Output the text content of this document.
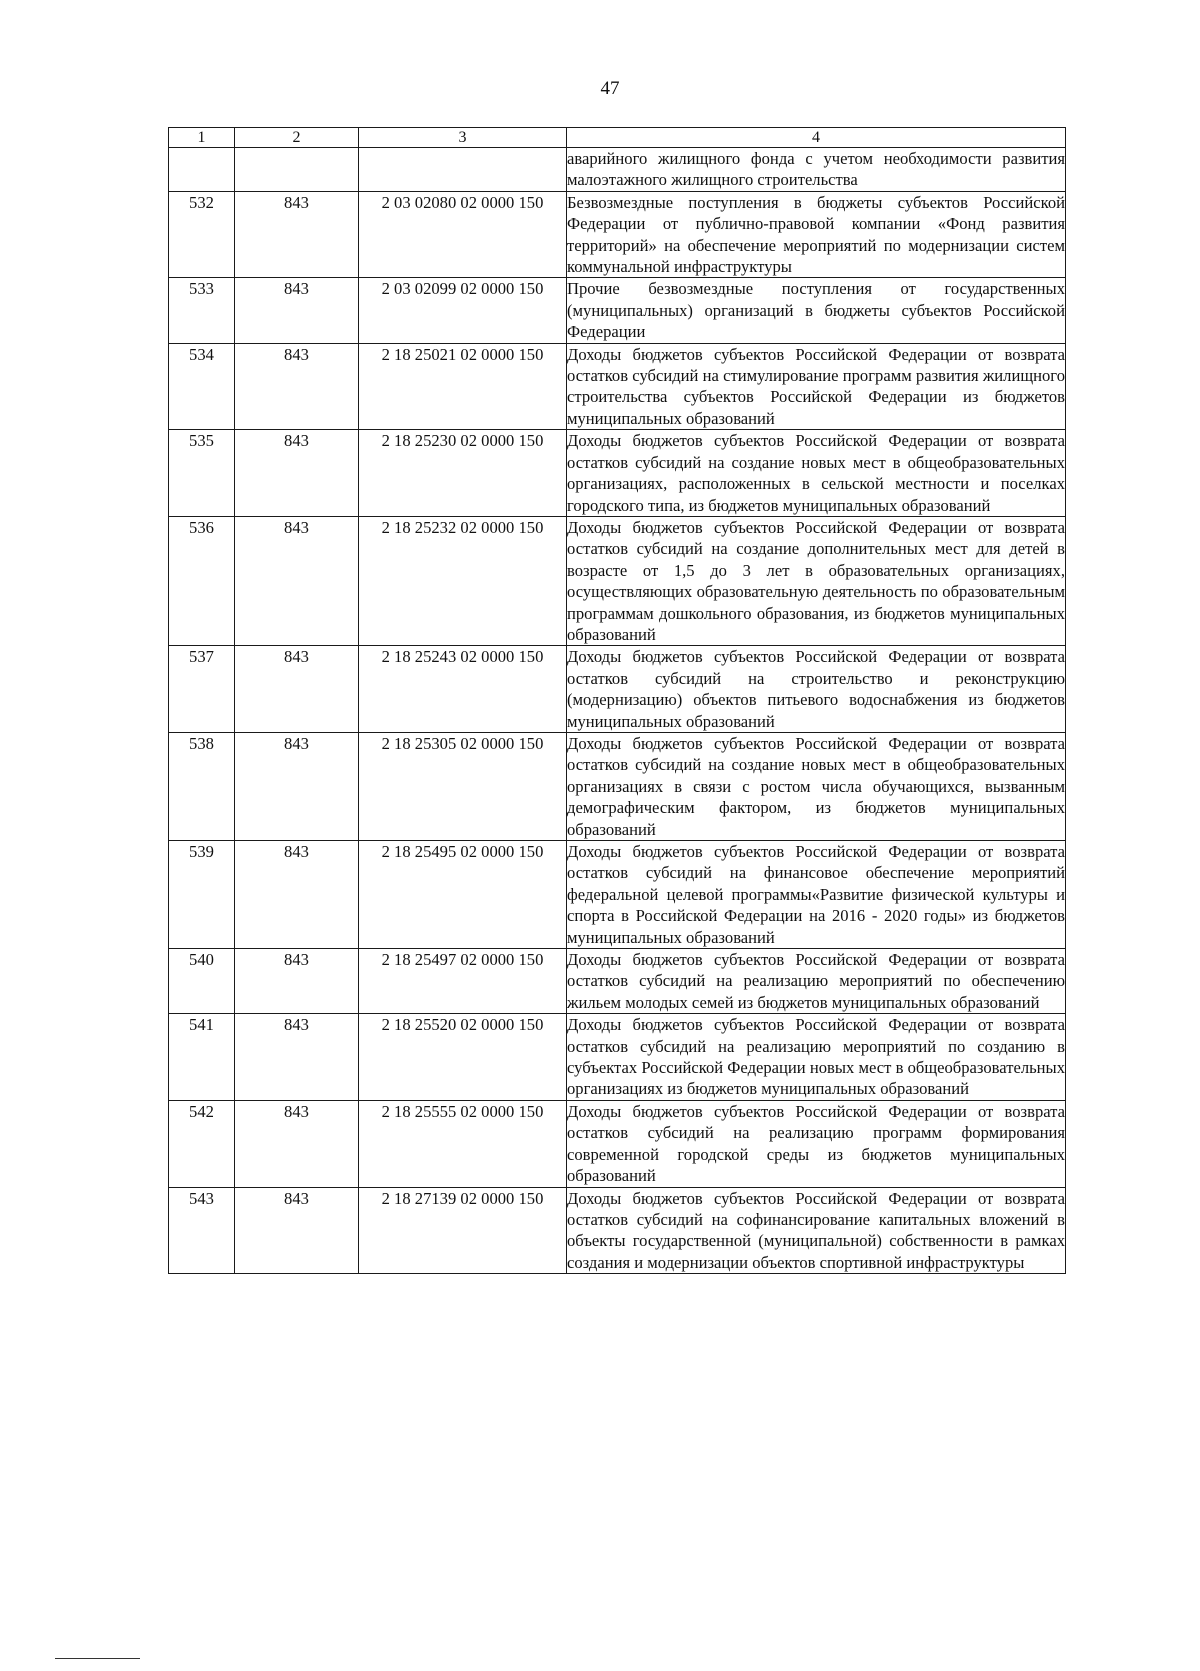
47
1	2	3	4
			аварийного жилищного фонда с учетом необходимости развития малоэтажного жилищного строительства
532	843	2 03 02080 02 0000 150	Безвозмездные поступления в бюджеты субъектов Российской Федерации от публично-правовой компании «Фонд развития территорий» на обеспечение мероприятий по модернизации систем коммунальной инфраструктуры
533	843	2 03 02099 02 0000 150	Прочие безвозмездные поступления от государственных (муниципальных) организаций в бюджеты субъектов Российской Федерации
534	843	2 18 25021 02 0000 150	Доходы бюджетов субъектов Российской Федерации от возврата остатков субсидий на стимулирование программ развития жилищного строительства субъектов Российской Федерации из бюджетов муниципальных образований
535	843	2 18 25230 02 0000 150	Доходы бюджетов субъектов Российской Федерации от возврата остатков субсидий на создание новых мест в общеобразовательных организациях, расположенных в сельской местности и поселках городского типа, из бюджетов муниципальных образований
536	843	2 18 25232 02 0000 150	Доходы бюджетов субъектов Российской Федерации от возврата остатков субсидий на создание дополнительных мест для детей в возрасте от 1,5 до 3 лет в образовательных организациях, осуществляющих образовательную деятельность по образовательным программам дошкольного образования, из бюджетов муниципальных образований
537	843	2 18 25243 02 0000 150	Доходы бюджетов субъектов Российской Федерации от возврата остатков субсидий на строительство и реконструкцию (модернизацию) объектов питьевого водоснабжения из бюджетов муниципальных образований
538	843	2 18 25305 02 0000 150	Доходы бюджетов субъектов Российской Федерации от возврата остатков субсидий на создание новых мест в общеобразовательных организациях в связи с ростом числа обучающихся, вызванным демографическим фактором, из бюджетов муниципальных образований
539	843	2 18 25495 02 0000 150	Доходы бюджетов субъектов Российской Федерации от возврата остатков субсидий на финансовое обеспечение мероприятий федеральной целевой программы«Развитие физической культуры и спорта в Российской Федерации на 2016 - 2020 годы» из бюджетов муниципальных образований
540	843	2 18 25497 02 0000 150	Доходы бюджетов субъектов Российской Федерации от возврата остатков субсидий на реализацию мероприятий по обеспечению жильем молодых семей из бюджетов муниципальных образований
541	843	2 18 25520 02 0000 150	Доходы бюджетов субъектов Российской Федерации от возврата остатков субсидий на реализацию мероприятий по созданию в субъектах Российской Федерации новых мест в общеобразовательных организациях из бюджетов муниципальных образований
542	843	2 18 25555 02 0000 150	Доходы бюджетов субъектов Российской Федерации от возврата остатков субсидий на реализацию программ формирования современной городской среды из бюджетов муниципальных образований
543	843	2 18 27139 02 0000 150	Доходы бюджетов субъектов Российской Федерации от возврата остатков субсидий на софинансирование капитальных вложений в объекты государственной (муниципальной) собственности в рамках создания и модернизации объектов спортивной инфраструктуры
